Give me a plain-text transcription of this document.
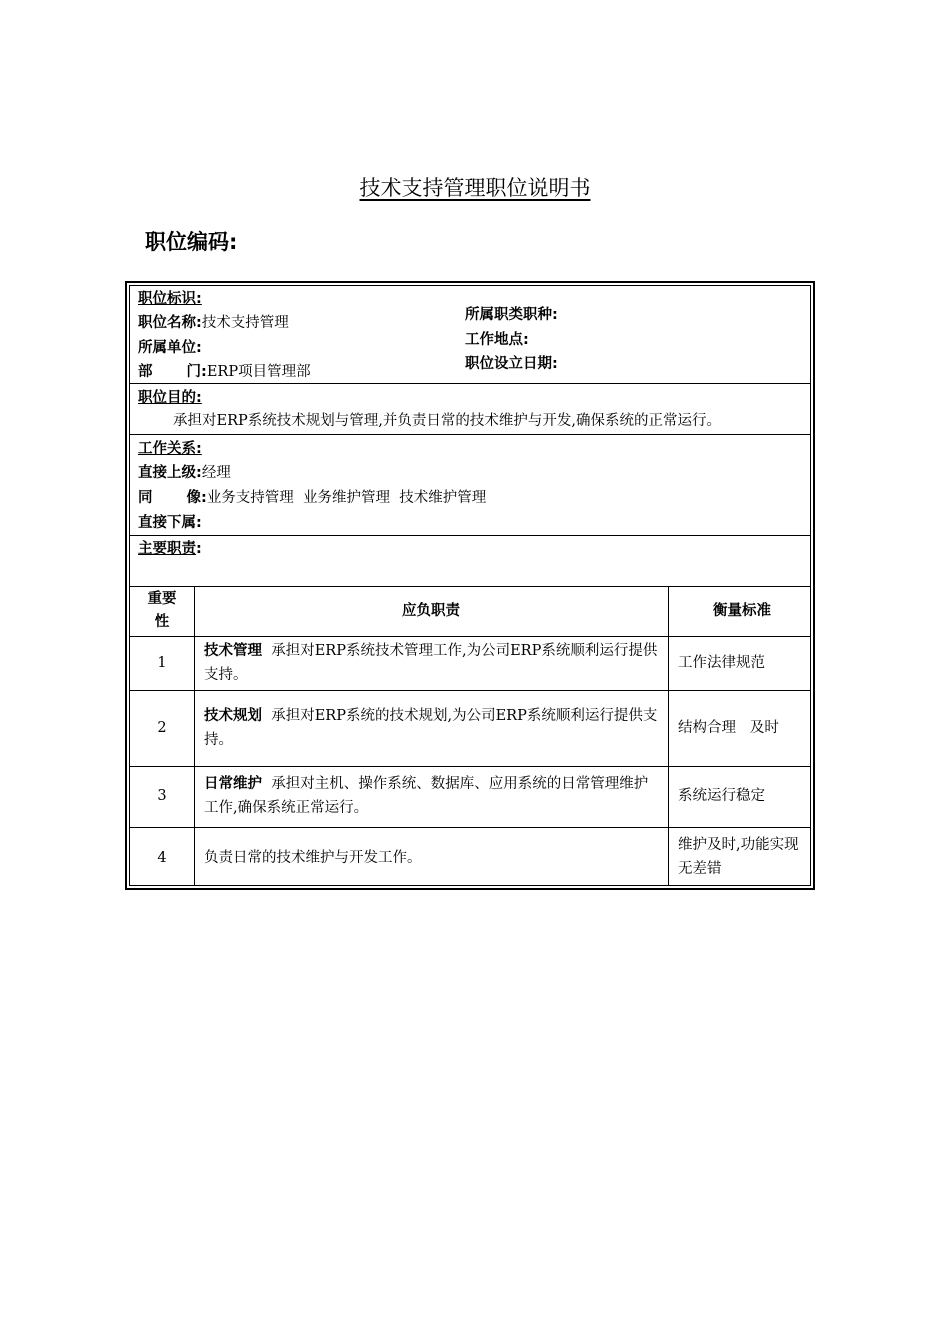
技术支持管理职位说明书
职位编码:
职位标识:
职位名称:技术支持管理
所属单位:
部 门:ERP项目管理部
所属职类职种:
工作地点:
职位设立日期:
职位目的:
承担对ERP系统技术规划与管理,并负责日常的技术维护与开发,确保系统的正常运行。
工作关系:
直接上级:经理
同 像:业务支持管理  业务维护管理  技术维护管理
直接下属:
主要职责:
重要
性
应负职责	衡量标准
1
技术管理 承担对ERP系统技术管理工作,为公司ERP系统顺利运行提供支持。
工作法律规范
2
技术规划 承担对ERP系统的技术规划,为公司ERP系统顺利运行提供支持。
结构合理   及时
3
日常维护 承担对主机、操作系统、数据库、应用系统的日常管理维护工作,确保系统正常运行。
系统运行稳定
4	负责日常的技术维护与开发工作。
维护及时,功能实现无差错
